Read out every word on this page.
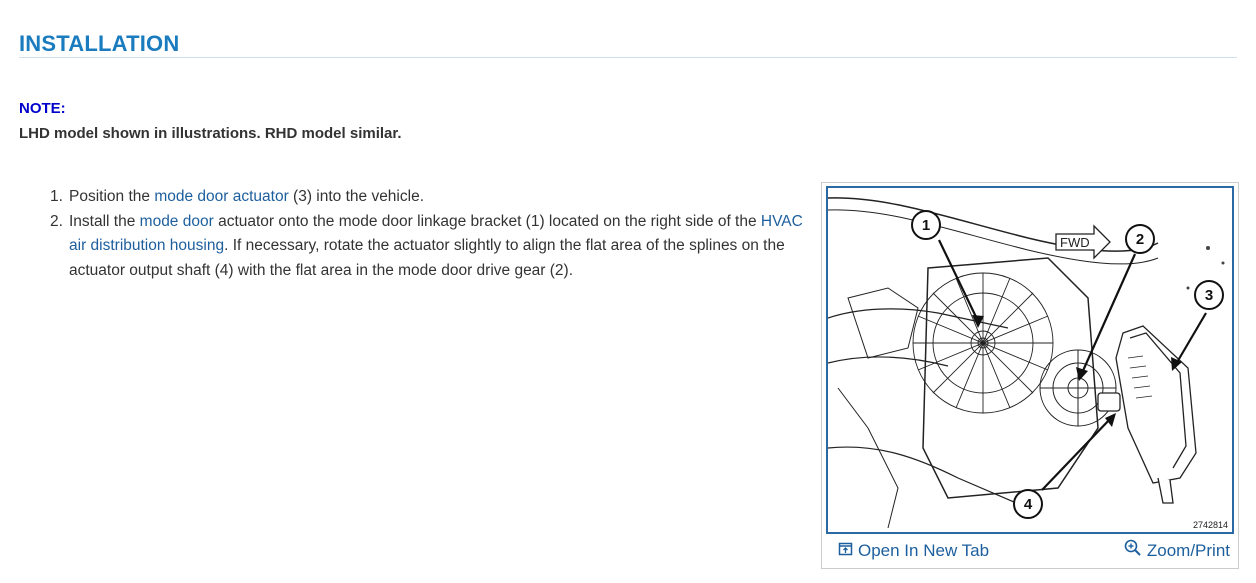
INSTALLATION
NOTE:
LHD model shown in illustrations. RHD model similar.
1. Position the mode door actuator (3) into the vehicle.
2. Install the mode door actuator onto the mode door linkage bracket (1) located on the right side of the HVAC air distribution housing. If necessary, rotate the actuator slightly to align the flat area of the splines on the actuator output shaft (4) with the flat area in the mode door drive gear (2).
FWD
1
2
3
4
2742814
Open In New Tab	Zoom/Print
